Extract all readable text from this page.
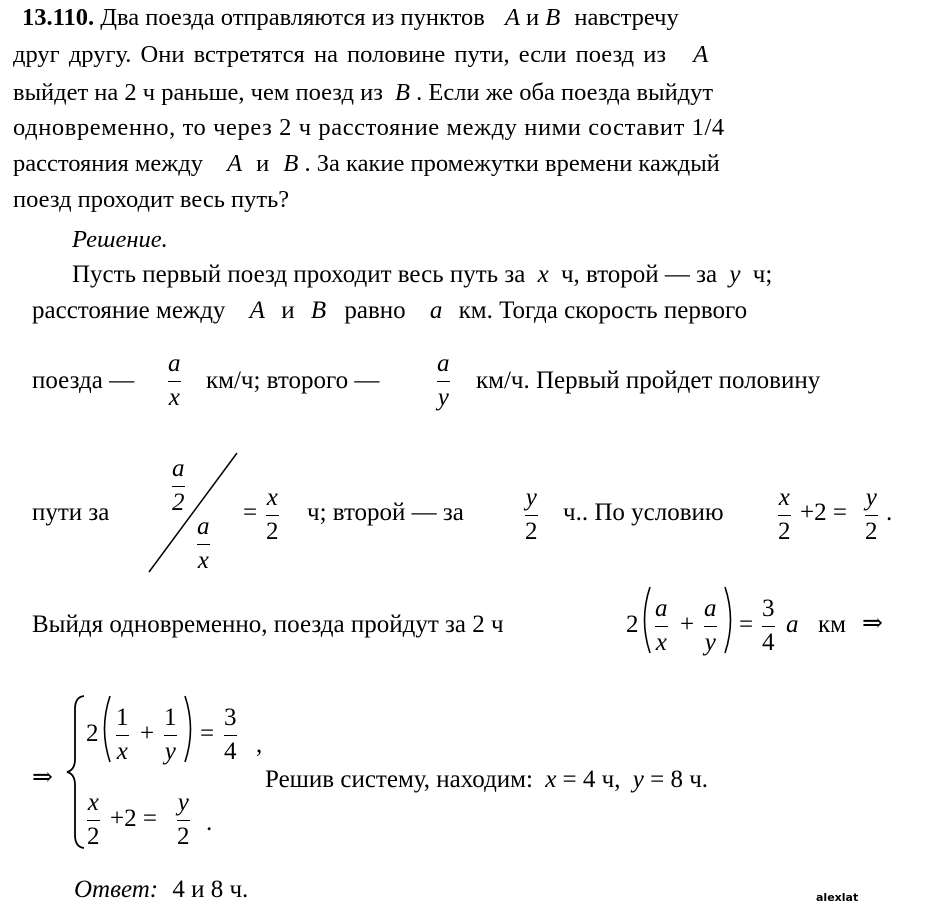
13.110. Два поезда отправляются из пунктов A и B навстречу
друг другу. Они встретятся на половине пути, если поезд из A
выйдет на 2 ч раньше, чем поезд из B . Если же оба поезда выйдут
одновременно, то через 2 ч расстояние между ними составит 1/4
расстояния между A и B . За какие промежутки времени каждый
поезд проходит весь путь?
Решение.
Пусть первый поезд проходит весь путь за x ч, второй — за y ч;
расстояние между A и B равно a км. Тогда скорость первого
поезда —
a
x
км/ч; второго —
a
y
км/ч. Первый пройдет половину
пути за
a
2
a
x
=
x
2
ч; второй — за
y
2
ч.. По условию
x
2
+2 =
y
2
.
Выйдя одновременно, поезда пройдут за 2 ч	2
a
x
+
a
y
=
3
4
a км ⇒
⇒
2
1
x
+
1
y
=
3
4 ,
x
2
+2 =
y
2
.
Решив систему, находим: x = 4 ч, y = 8 ч.
Ответ: 4 и 8 ч.	alexlat
